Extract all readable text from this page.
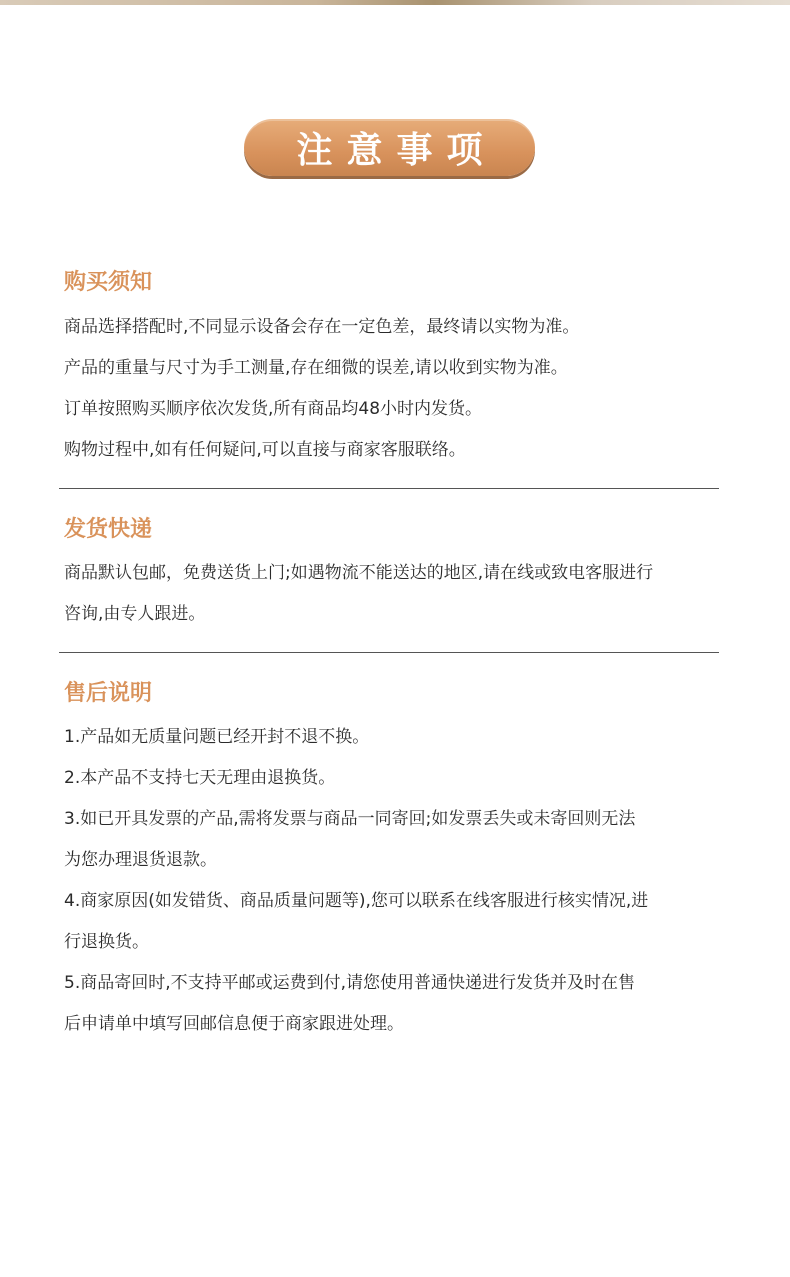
注意事项
购买须知

商品选择搭配时,不同显示设备会存在一定色差，最终请以实物为准。

产品的重量与尺寸为手工测量,存在细微的误差,请以收到实物为准。

订单按照购买顺序依次发货,所有商品均48小时内发货。

购物过程中,如有任何疑问,可以直接与商家客服联络。

发货快递

商品默认包邮，免费送货上门;如遇物流不能送达的地区,请在线或致电客服进行

咨询,由专人跟进。

售后说明

1.产品如无质量问题已经开封不退不换。

2.本产品不支持七天无理由退换货。

3.如已开具发票的产品,需将发票与商品一同寄回;如发票丢失或未寄回则无法

为您办理退货退款。

4.商家原因(如发错货、商品质量问题等),您可以联系在线客服进行核实情况,进

行退换货。

5.商品寄回时,不支持平邮或运费到付,请您使用普通快递进行发货并及时在售

后申请单中填写回邮信息便于商家跟进处理。
